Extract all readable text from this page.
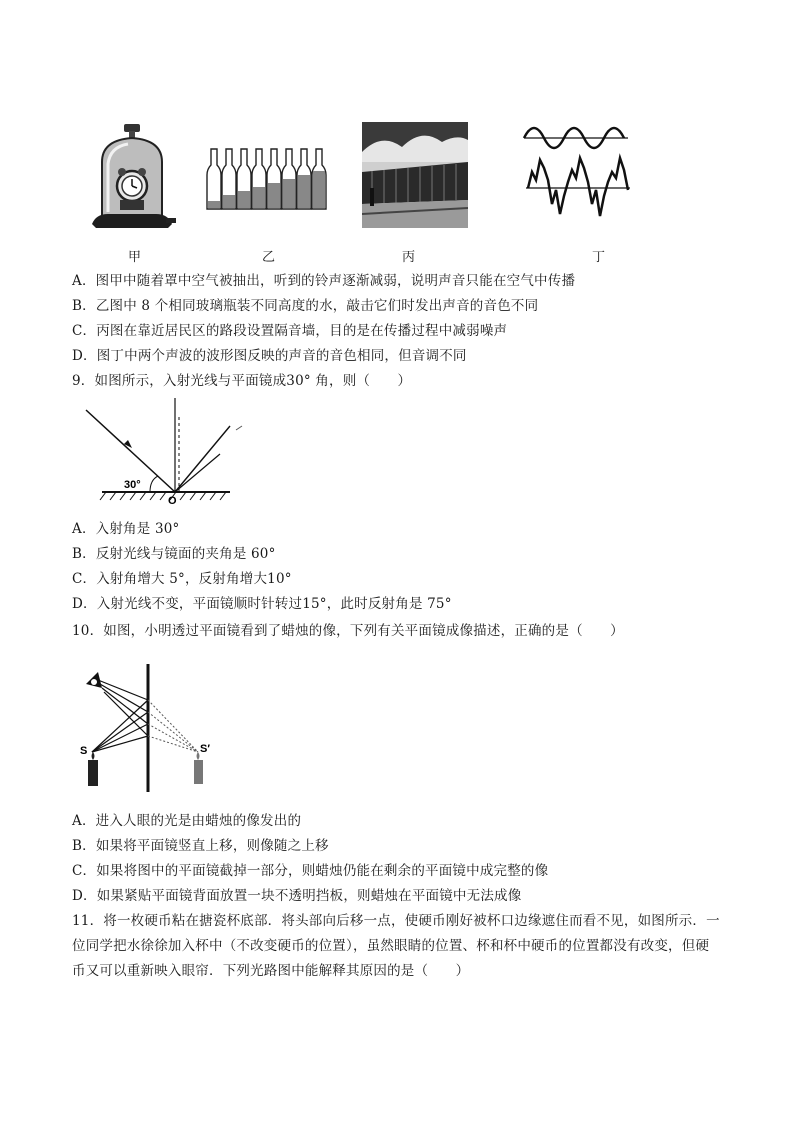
甲	乙	丙	丁
A．图甲中随着罩中空气被抽出，听到的铃声逐渐减弱，说明声音只能在空气中传播
B．乙图中 8 个相同玻璃瓶装不同高度的水，敲击它们时发出声音的音色不同
C．丙图在靠近居民区的路段设置隔音墙，目的是在传播过程中减弱噪声
D．图丁中两个声波的波形图反映的声音的音色相同，但音调不同
9．如图所示，入射光线与平面镜成30° 角，则（　　）
30°
O
A．入射角是 30°
B．反射光线与镜面的夹角是 60°
C．入射角增大 5°，反射角增大10°
D．入射光线不变，平面镜顺时针转过15°，此时反射角是 75°
10．如图，小明透过平面镜看到了蜡烛的像，下列有关平面镜成像描述，正确的是（　　）
S	S′
A．进入人眼的光是由蜡烛的像发出的
B．如果将平面镜竖直上移，则像随之上移
C．如果将图中的平面镜截掉一部分，则蜡烛仍能在剩余的平面镜中成完整的像
D．如果紧贴平面镜背面放置一块不透明挡板，则蜡烛在平面镜中无法成像
11．将一枚硬币粘在搪瓷杯底部．将头部向后移一点，使硬币刚好被杯口边缘遮住而看不见，如图所示．一
位同学把水徐徐加入杯中（不改变硬币的位置），虽然眼睛的位置、杯和杯中硬币的位置都没有改变，但硬
币又可以重新映入眼帘．下列光路图中能解释其原因的是（　　）
